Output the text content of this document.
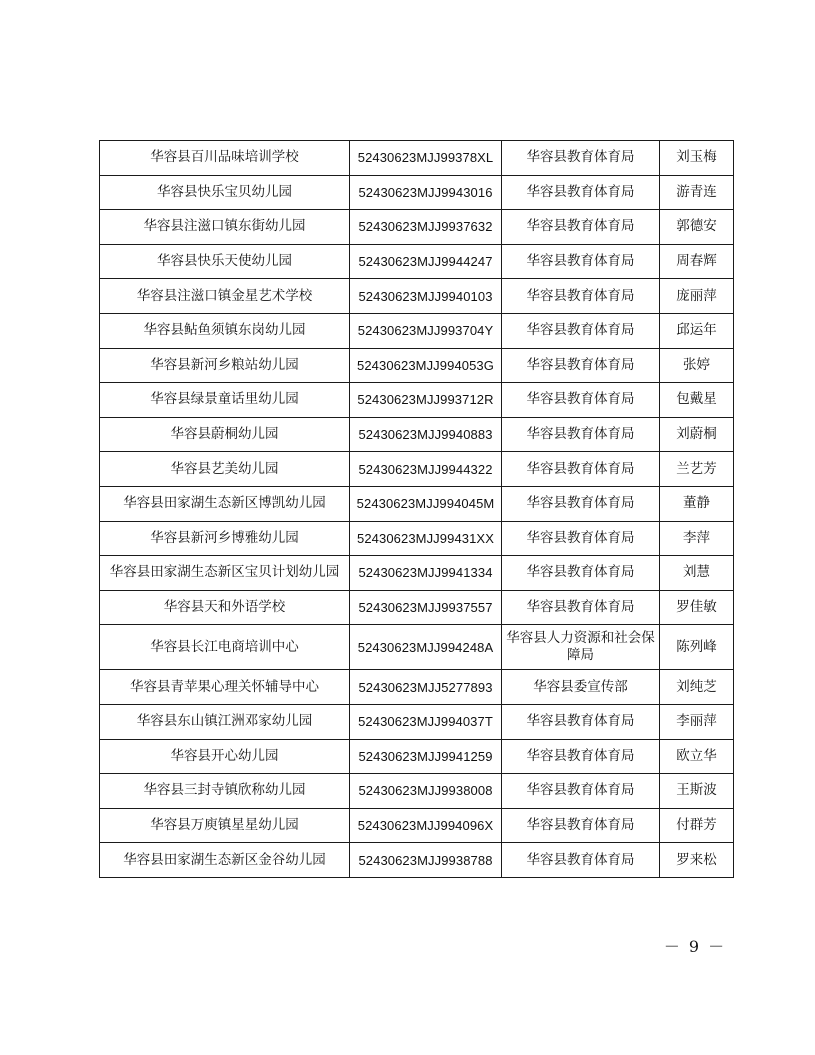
华容县百川品味培训学校	52430623MJJ99378XL	华容县教育体育局	刘玉梅
华容县快乐宝贝幼儿园	52430623MJJ9943016	华容县教育体育局	游青连
华容县注滋口镇东街幼儿园	52430623MJJ9937632	华容县教育体育局	郭德安
华容县快乐天使幼儿园	52430623MJJ9944247	华容县教育体育局	周春辉
华容县注滋口镇金星艺术学校	52430623MJJ9940103	华容县教育体育局	庞丽萍
华容县鲇鱼须镇东岗幼儿园	52430623MJJ993704Y	华容县教育体育局	邱运年
华容县新河乡粮站幼儿园	52430623MJJ994053G	华容县教育体育局	张婷
华容县绿景童话里幼儿园	52430623MJJ993712R	华容县教育体育局	包戴星
华容县蔚桐幼儿园	52430623MJJ9940883	华容县教育体育局	刘蔚桐
华容县艺美幼儿园	52430623MJJ9944322	华容县教育体育局	兰艺芳
华容县田家湖生态新区博凯幼儿园	52430623MJJ994045M	华容县教育体育局	董静
华容县新河乡博雅幼儿园	52430623MJJ99431XX	华容县教育体育局	李萍
华容县田家湖生态新区宝贝计划幼儿园	52430623MJJ9941334	华容县教育体育局	刘慧
华容县天和外语学校	52430623MJJ9937557	华容县教育体育局	罗佳敏
华容县长江电商培训中心	52430623MJJ994248A	华容县人力资源和社会保障局	陈列峰
华容县青苹果心理关怀辅导中心	52430623MJJ5277893	华容县委宣传部	刘纯芝
华容县东山镇江洲邓家幼儿园	52430623MJJ994037T	华容县教育体育局	李丽萍
华容县开心幼儿园	52430623MJJ9941259	华容县教育体育局	欧立华
华容县三封寺镇欣称幼儿园	52430623MJJ9938008	华容县教育体育局	王斯波
华容县万庾镇星星幼儿园	52430623MJJ994096X	华容县教育体育局	付群芳
华容县田家湖生态新区金谷幼儿园	52430623MJJ9938788	华容县教育体育局	罗来松
－ 9 －
